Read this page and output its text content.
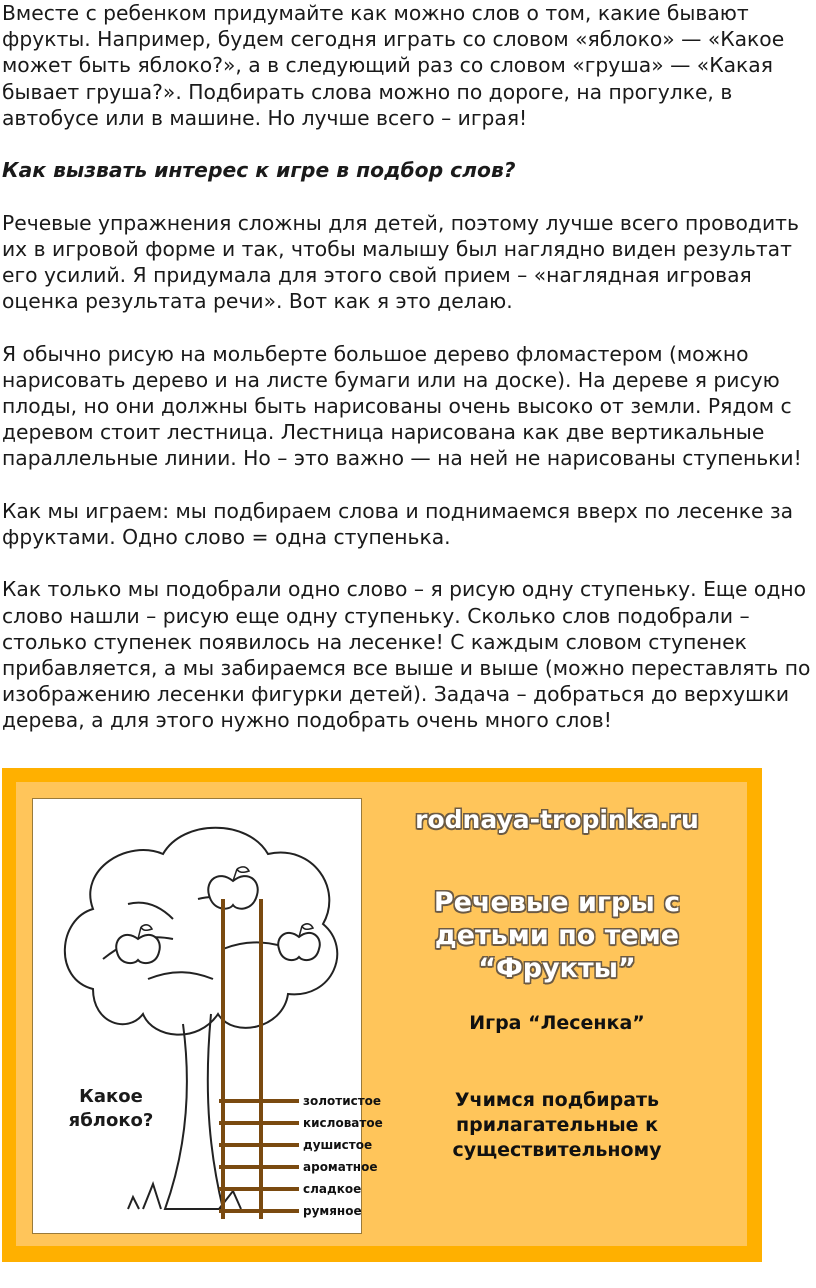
Вместе с ребенком придумайте как можно слов о том, какие бывают фрукты. Например, будем сегодня играть со словом «яблоко» — «Какое может быть яблоко?», а в следующий раз со словом «груша» — «Какая бывает груша?». Подбирать слова можно по дороге, на прогулке, в автобусе или в машине. Но лучше всего – играя!

Как вызвать интерес к игре в подбор слов?

Речевые упражнения сложны для детей, поэтому лучше всего проводить их в игровой форме и так, чтобы малышу был наглядно виден результат его усилий. Я придумала для этого свой прием – «наглядная игровая оценка результата речи». Вот как я это делаю.

Я обычно рисую на мольберте большое дерево фломастером (можно нарисовать дерево и на листе бумаги или на доске). На дереве я рисую плоды, но они должны быть нарисованы очень высоко от земли. Рядом с деревом стоит лестница. Лестница нарисована как две вертикальные параллельные линии. Но – это важно — на ней не нарисованы ступеньки!

Как мы играем: мы подбираем слова и поднимаемся вверх по лесенке за фруктами. Одно слово = одна ступенька.

Как только мы подобрали одно слово – я рисую одну ступеньку. Еще одно слово нашли – рисую еще одну ступеньку. Сколько слов подобрали – столько ступенек появилось на лесенке! С каждым словом ступенек прибавляется, а мы забираемся все выше и выше (можно переставлять по изображению лесенки фигурки детей). Задача – добраться до верхушки дерева, а для этого нужно подобрать очень много слов!

Какое яблоко?
золотистое
кисловатое
душистое
ароматное
сладкое
румяное
rodnaya-tropinka.ru
Речевые игры с детьми по теме “Фрукты”
Игра “Лесенка”
Учимся подбирать прилагательные к существительному
